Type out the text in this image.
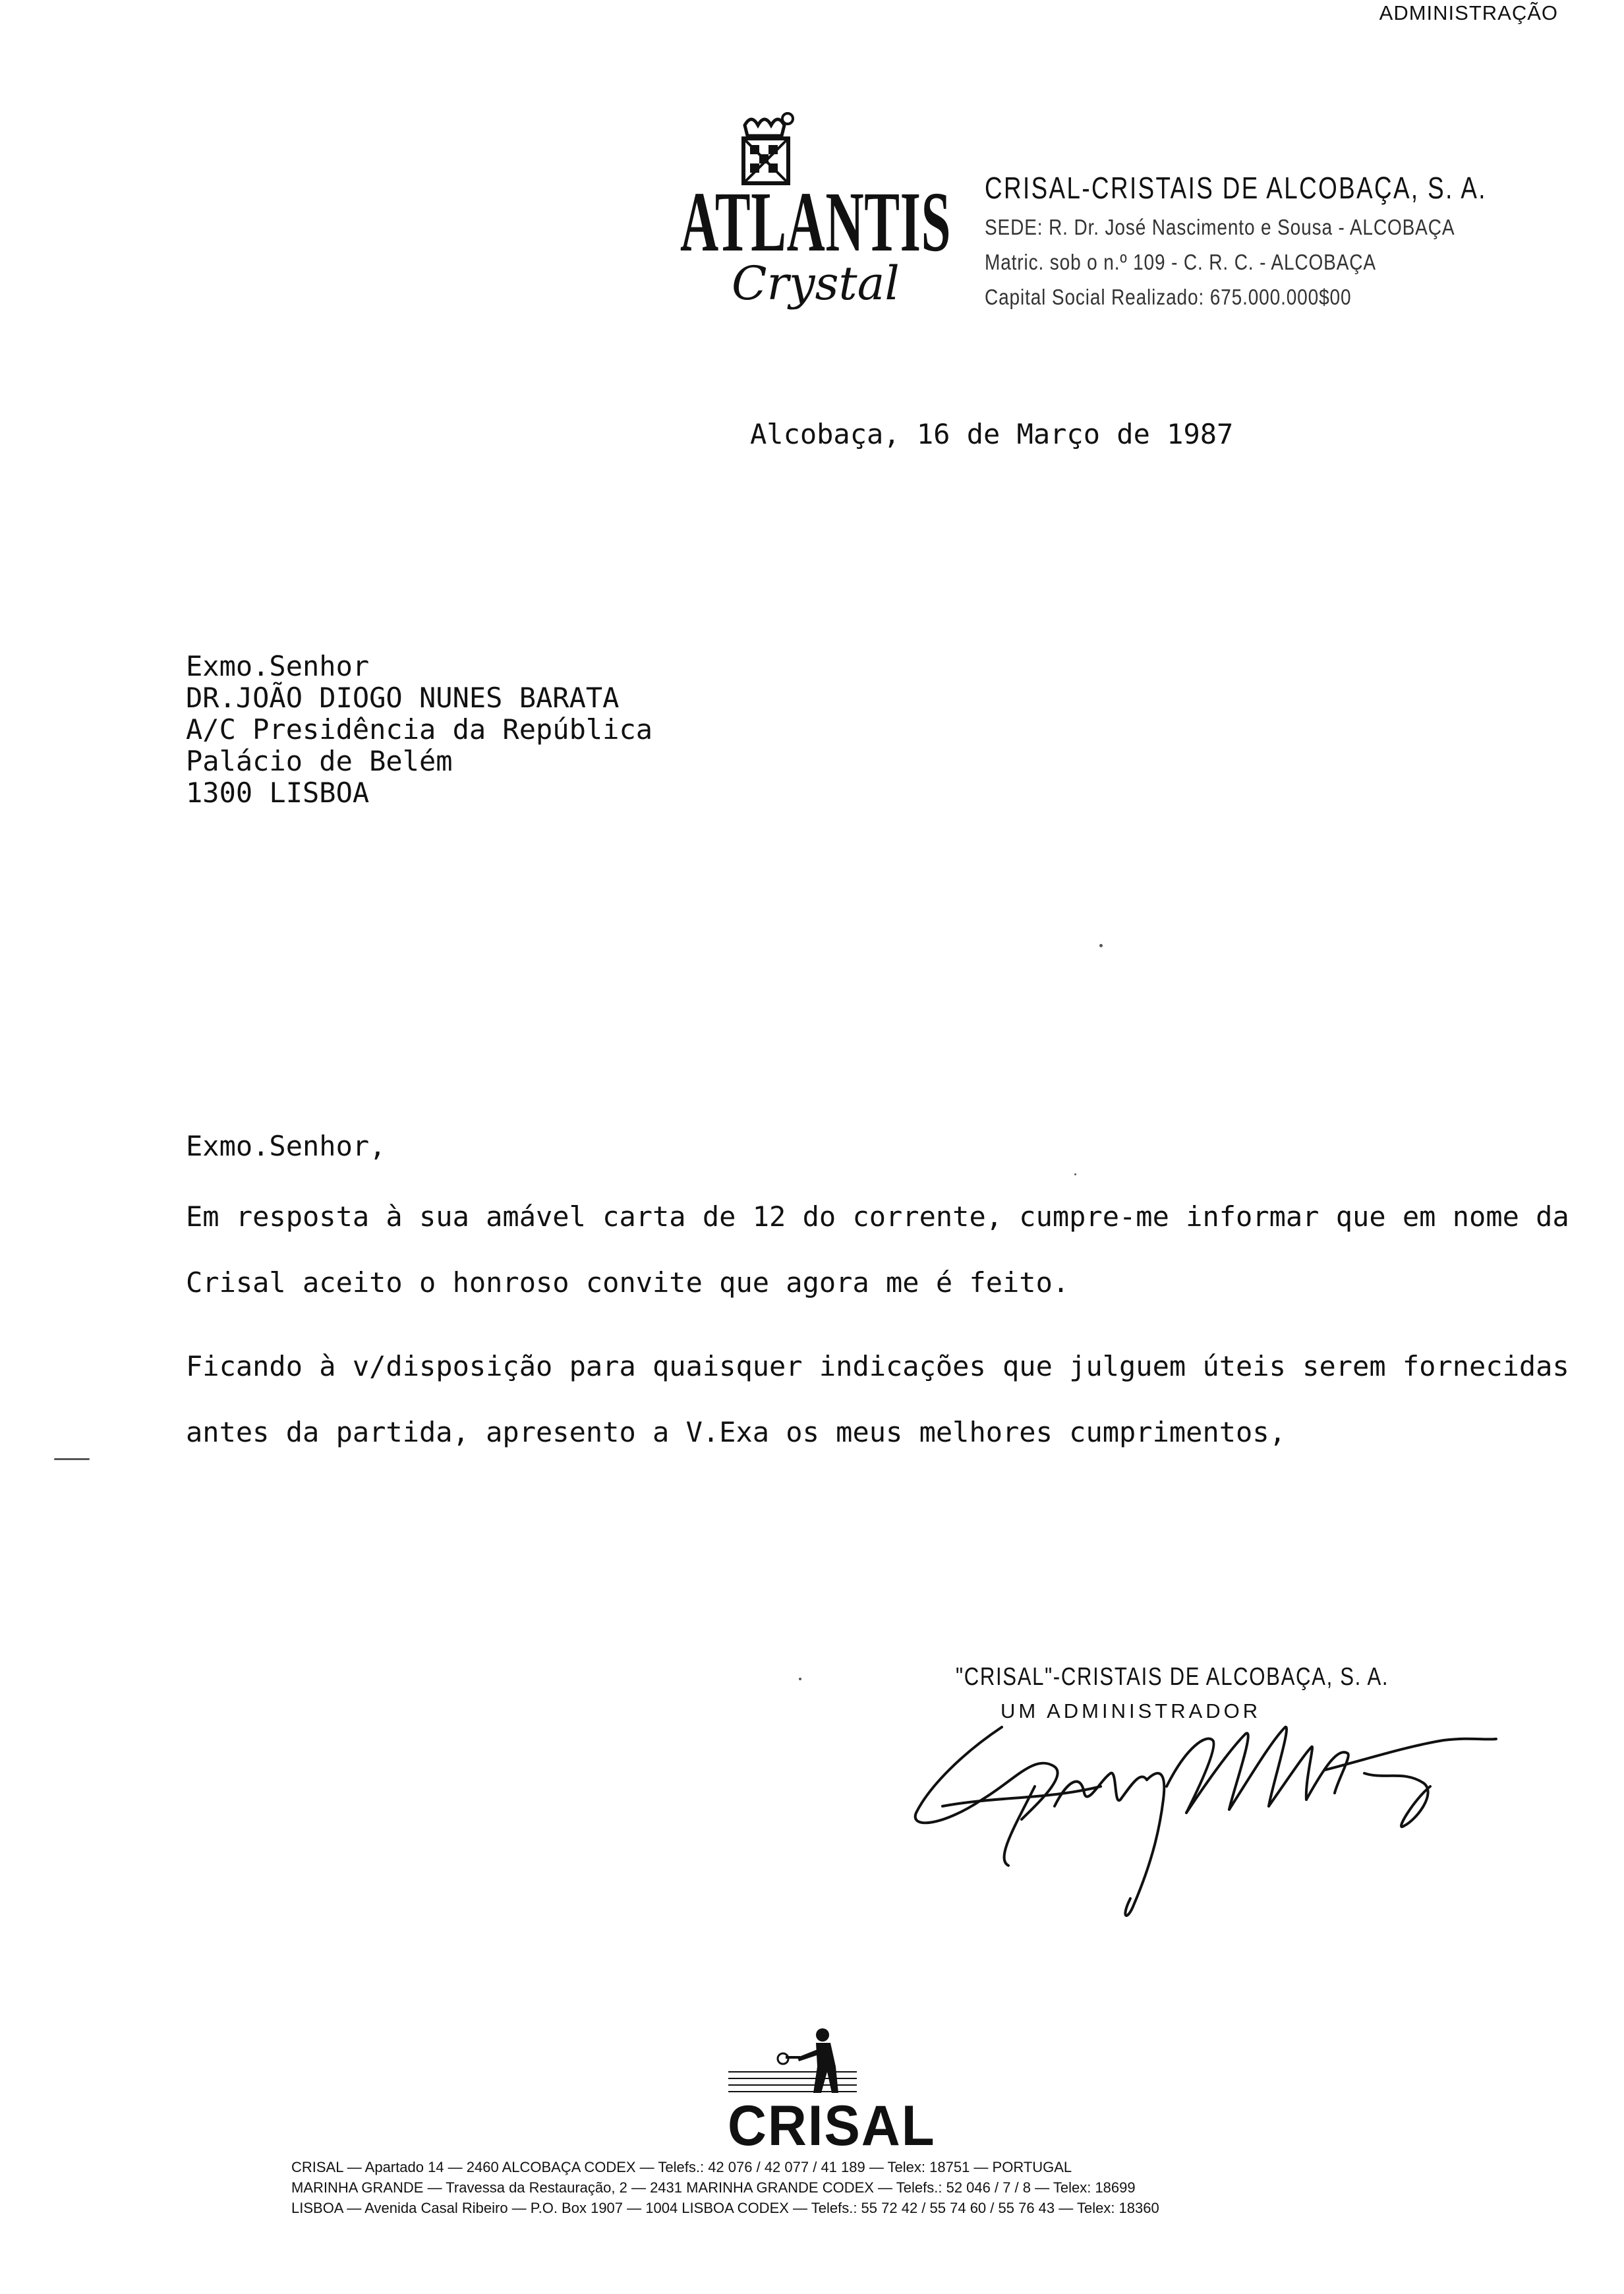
ADMINISTRAÇÃO
ATLANTIS
Crystal
CRISAL-CRISTAIS DE ALCOBAÇA, S. A.
SEDE: R. Dr. José Nascimento e Sousa - ALCOBAÇA
Matric. sob o n.º 109 - C. R. C. - ALCOBAÇA
Capital Social Realizado: 675.000.000$00
Alcobaça, 16 de Março de 1987
Exmo.Senhor
DR.JOÃO DIOGO NUNES BARATA
A/C Presidência da República
Palácio de Belém
1300 LISBOA
Exmo.Senhor,
Em resposta à sua amável carta de 12 do corrente, cumpre-me informar que em nome da
Crisal aceito o honroso convite que agora me é feito.
Ficando à v/disposição para quaisquer indicações que julguem úteis serem fornecidas
antes da partida, apresento a V.Exa os meus melhores cumprimentos,
"CRISAL"-CRISTAIS DE ALCOBAÇA, S. A.
UM ADMINISTRADOR
CRISAL
CRISAL — Apartado 14 — 2460 ALCOBAÇA CODEX — Telefs.: 42 076 / 42 077 / 41 189 — Telex: 18751 — PORTUGAL
MARINHA GRANDE — Travessa da Restauração, 2 — 2431 MARINHA GRANDE CODEX — Telefs.: 52 046 / 7 / 8 — Telex: 18699
LISBOA — Avenida Casal Ribeiro — P.O. Box 1907 — 1004 LISBOA CODEX — Telefs.: 55 72 42 / 55 74 60 / 55 76 43 — Telex: 18360
